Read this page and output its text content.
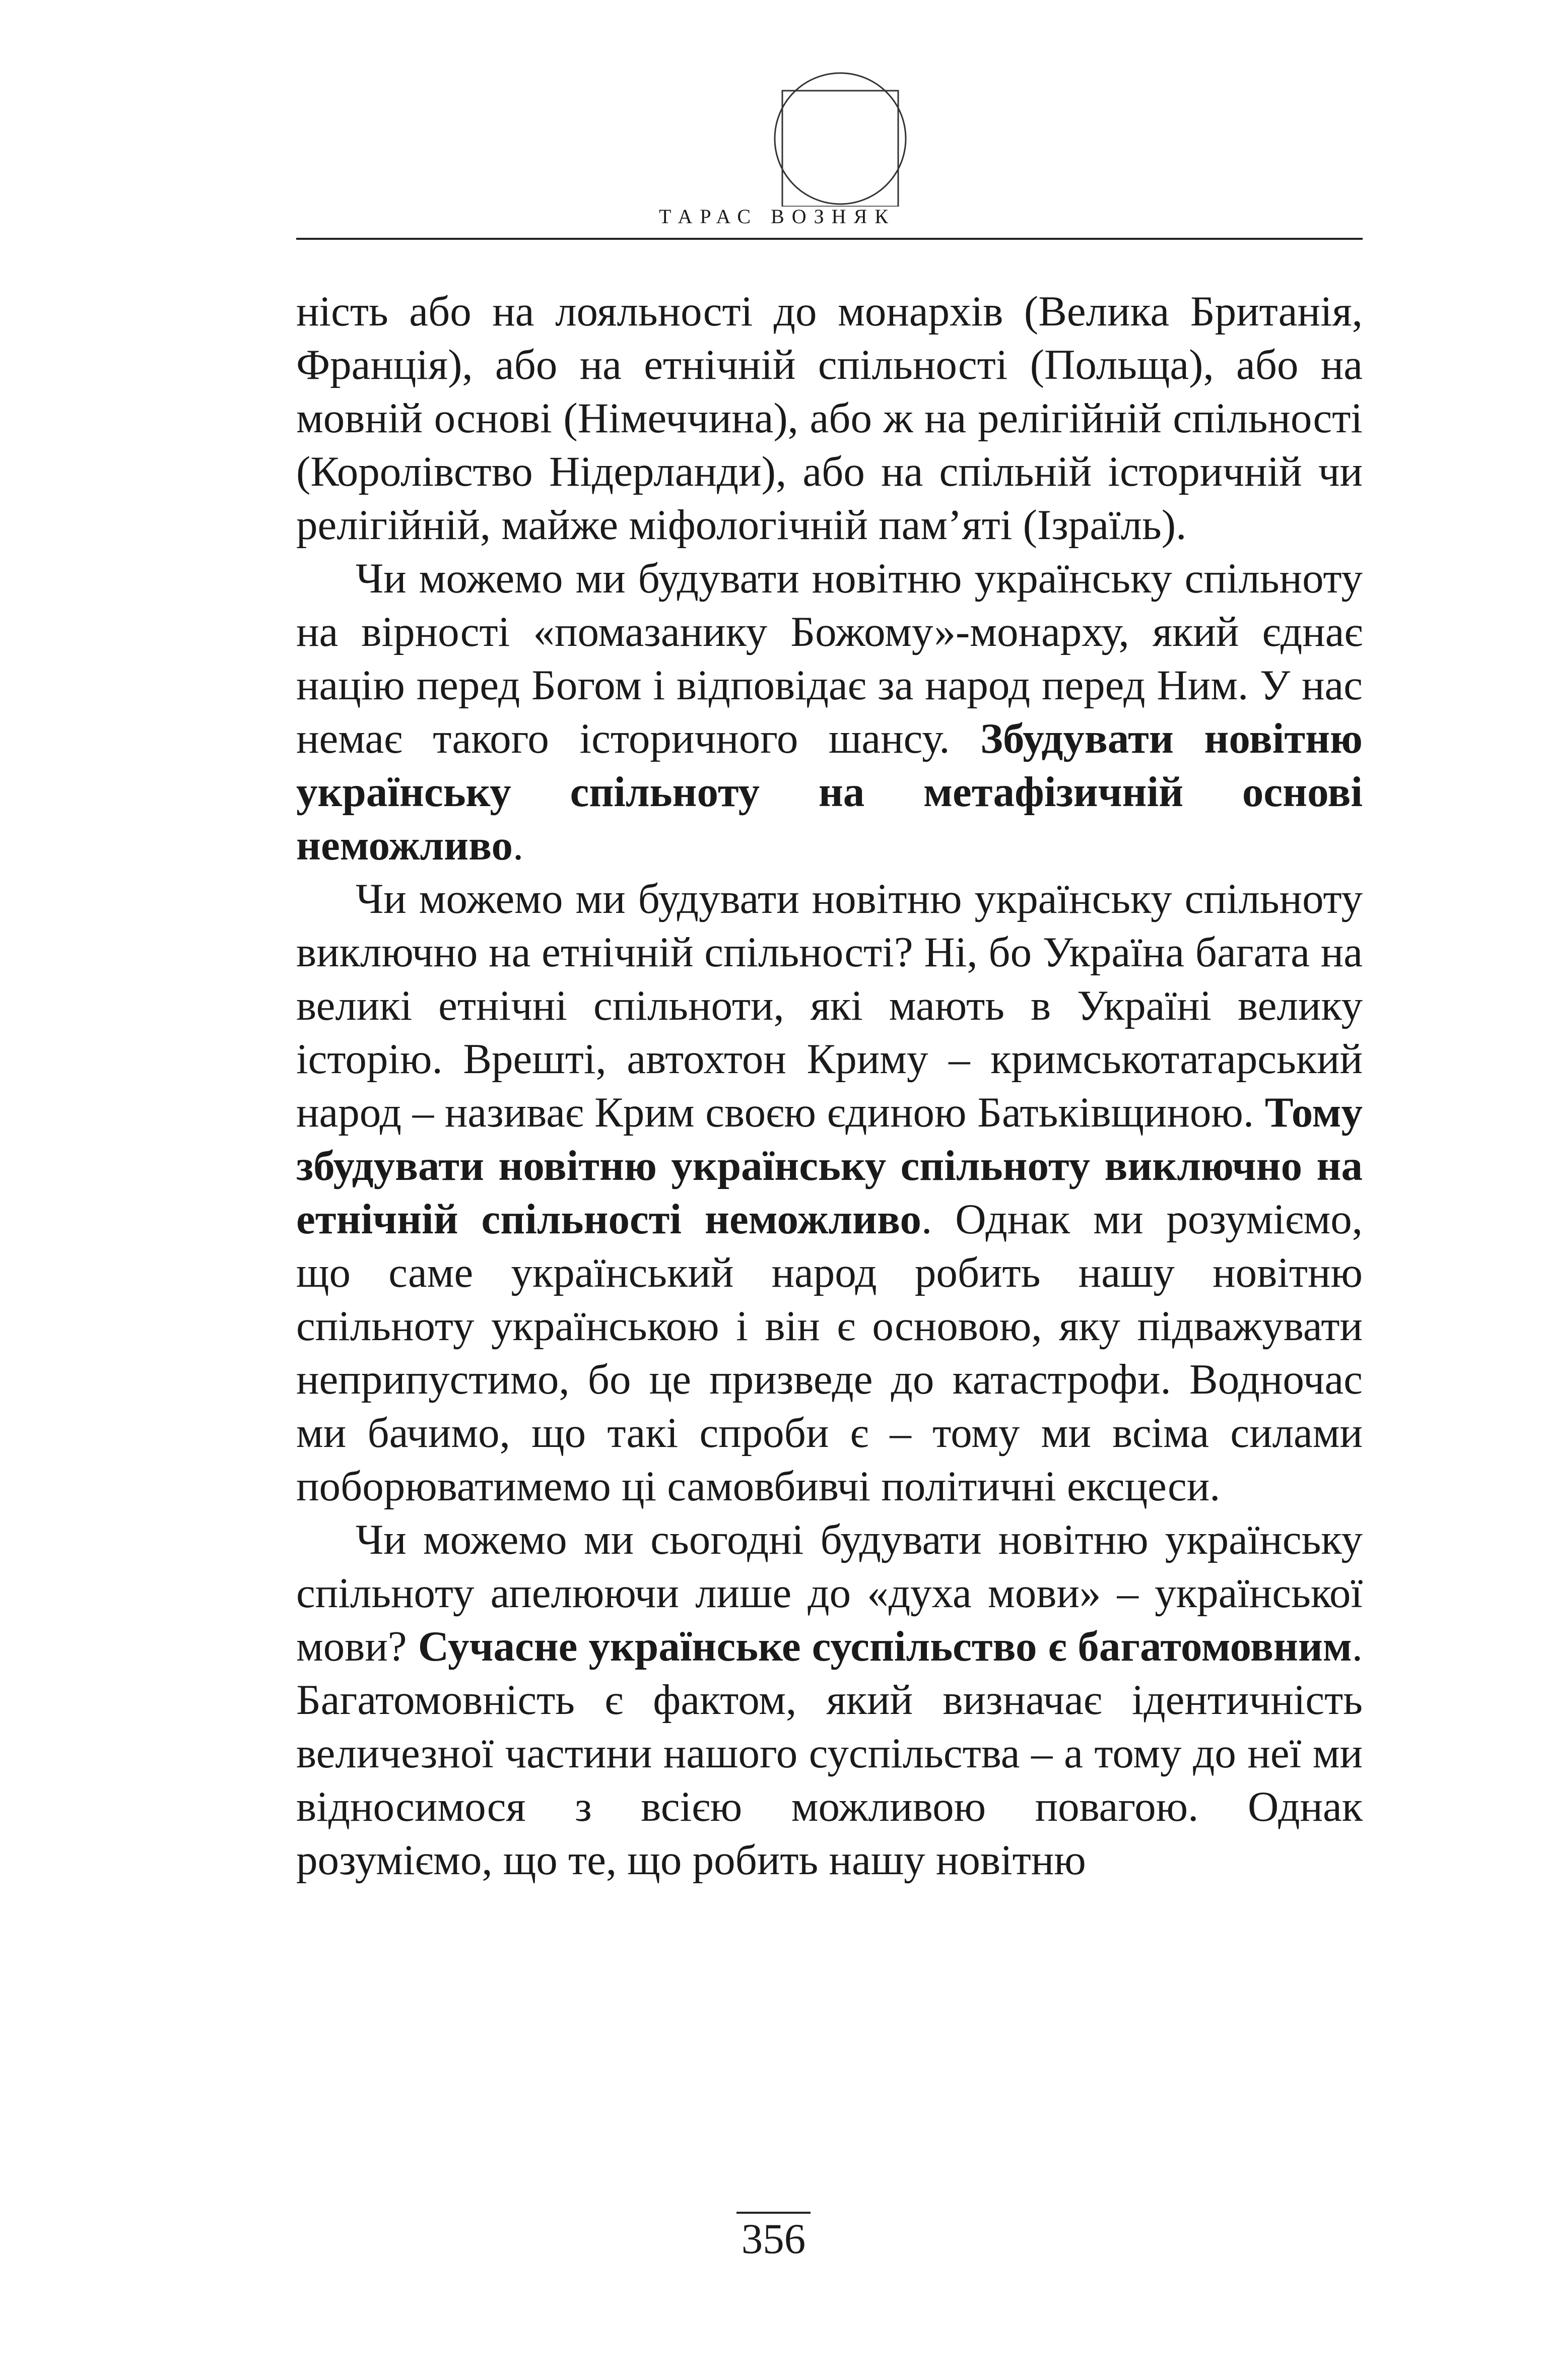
ТАРАС ВОЗНЯК

ність або на лояльності до монархів (Велика Британія, Франція), або на етнічній спільності (Польща), або на мовній основі (Німеччина), або ж на релігійній спільності (Королівство Нідерланди), або на спільній історичній чи релігійній, майже міфологічній пам’яті (Ізраїль).

Чи можемо ми будувати новітню українську спільноту на вірності «помазанику Божому»-монарху, який єднає націю перед Богом і відповідає за народ перед Ним. У нас немає такого історичного шансу. Збудувати новітню українську спільноту на метафізичній основі неможливо.

Чи можемо ми будувати новітню українську спільноту виключно на етнічній спільності? Ні, бо Україна багата на великі етнічні спільноти, які мають в Україні велику історію. Врешті, автохтон Криму – кримськотатарський народ – називає Крим своєю єдиною Батьківщиною. Тому збудувати новітню українську спільноту виключно на етнічній спільності неможливо. Однак ми розуміємо, що саме український народ робить нашу новітню спільноту українською і він є основою, яку підважувати неприпустимо, бо це призведе до катастрофи. Водночас ми бачимо, що такі спроби є – тому ми всіма силами поборюватимемо ці самовбивчі політичні ексцеси.

Чи можемо ми сьогодні будувати новітню українську спільноту апелюючи лише до «духа мови» – української мови? Сучасне українське суспільство є багатомовним. Багатомовність є фактом, який визначає ідентичність величезної частини нашого суспільства – а тому до неї ми відносимося з всією можливою повагою. Однак розуміємо, що те, що робить нашу новітню

356
